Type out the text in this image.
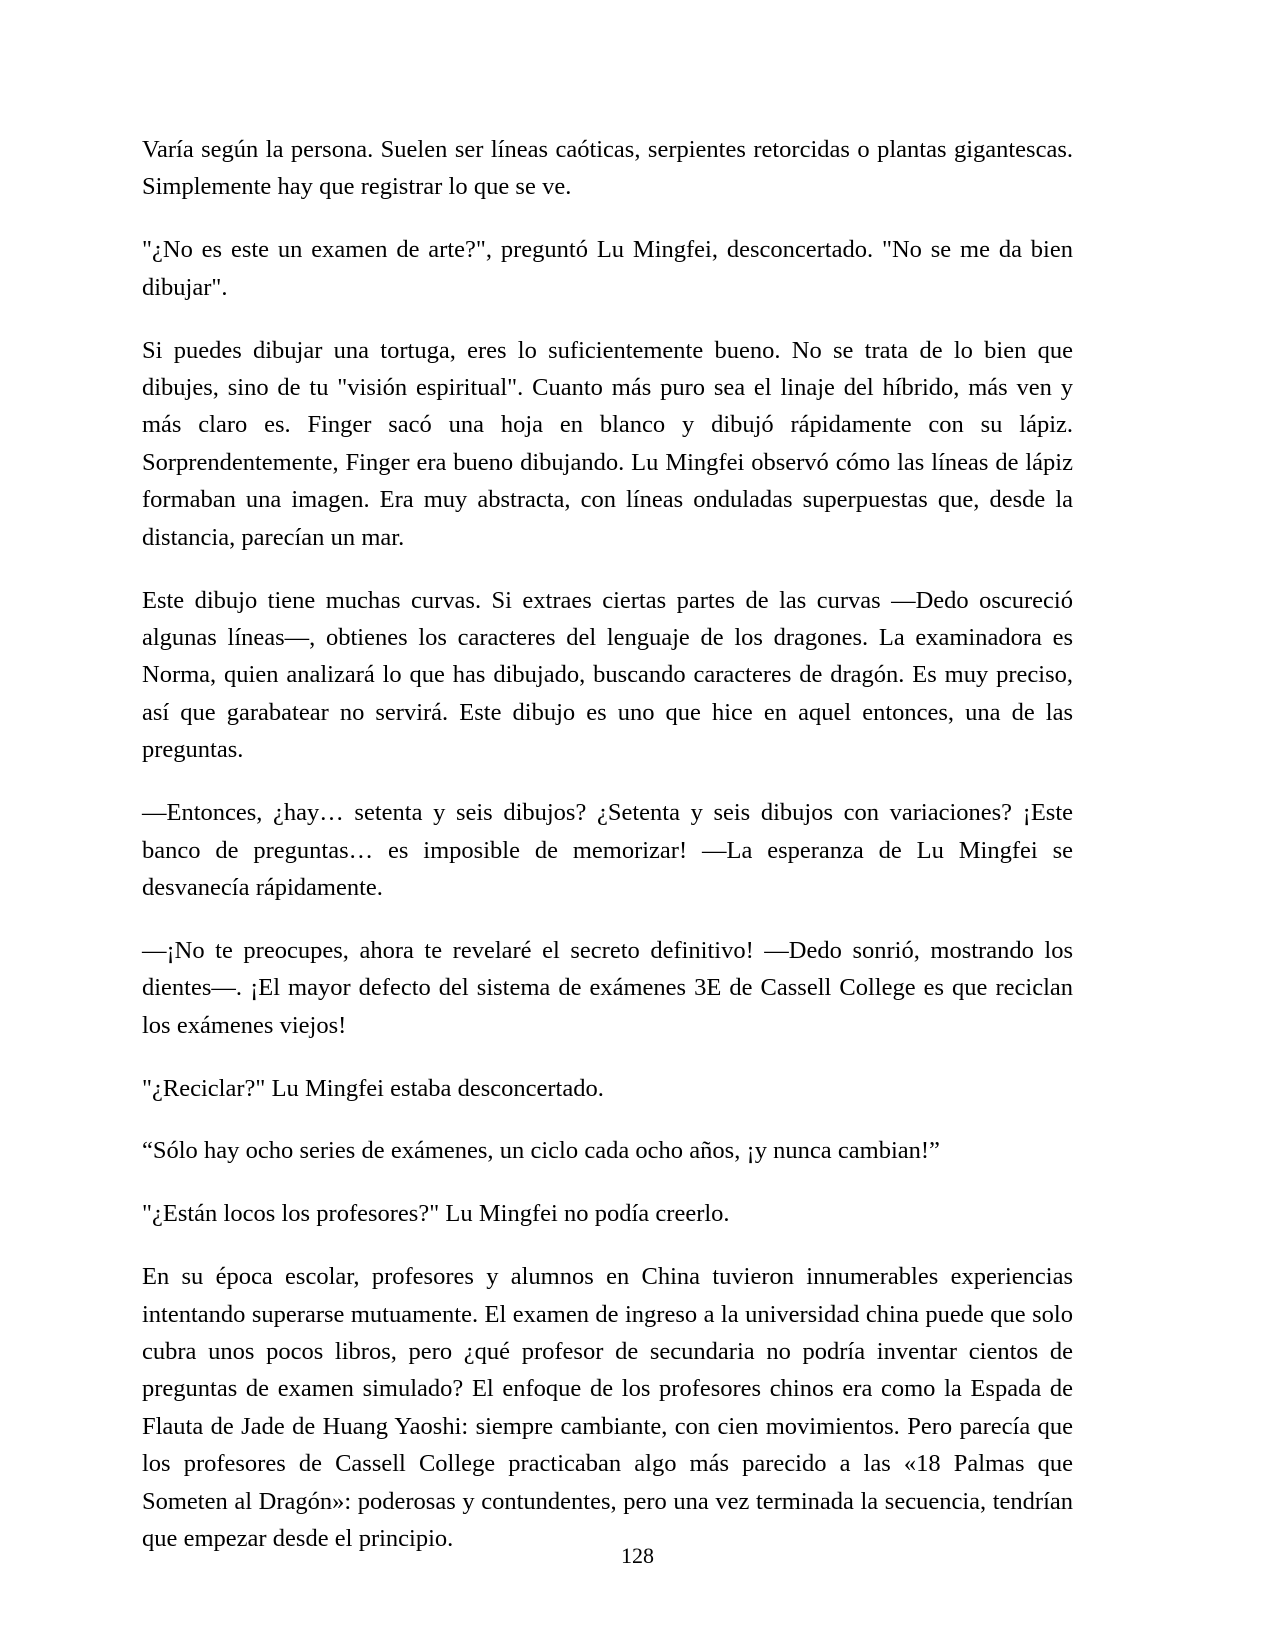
Varía según la persona. Suelen ser líneas caóticas, serpientes retorcidas o plantas gigantescas. Simplemente hay que registrar lo que se ve.

"¿No es este un examen de arte?", preguntó Lu Mingfei, desconcertado. "No se me da bien dibujar".

Si puedes dibujar una tortuga, eres lo suficientemente bueno. No se trata de lo bien que dibujes, sino de tu "visión espiritual". Cuanto más puro sea el linaje del híbrido, más ven y más claro es. Finger sacó una hoja en blanco y dibujó rápidamente con su lápiz. Sorprendentemente, Finger era bueno dibujando. Lu Mingfei observó cómo las líneas de lápiz formaban una imagen. Era muy abstracta, con líneas onduladas superpuestas que, desde la distancia, parecían un mar.

Este dibujo tiene muchas curvas. Si extraes ciertas partes de las curvas —Dedo oscureció algunas líneas—, obtienes los caracteres del lenguaje de los dragones. La examinadora es Norma, quien analizará lo que has dibujado, buscando caracteres de dragón. Es muy preciso, así que garabatear no servirá. Este dibujo es uno que hice en aquel entonces, una de las preguntas.

—Entonces, ¿hay… setenta y seis dibujos? ¿Setenta y seis dibujos con variaciones? ¡Este banco de preguntas… es imposible de memorizar! —La esperanza de Lu Mingfei se desvanecía rápidamente.

—¡No te preocupes, ahora te revelaré el secreto definitivo! —Dedo sonrió, mostrando los dientes—. ¡El mayor defecto del sistema de exámenes 3E de Cassell College es que reciclan los exámenes viejos!

"¿Reciclar?" Lu Mingfei estaba desconcertado.

“Sólo hay ocho series de exámenes, un ciclo cada ocho años, ¡y nunca cambian!”

"¿Están locos los profesores?" Lu Mingfei no podía creerlo.

En su época escolar, profesores y alumnos en China tuvieron innumerables experiencias intentando superarse mutuamente. El examen de ingreso a la universidad china puede que solo cubra unos pocos libros, pero ¿qué profesor de secundaria no podría inventar cientos de preguntas de examen simulado? El enfoque de los profesores chinos era como la Espada de Flauta de Jade de Huang Yaoshi: siempre cambiante, con cien movimientos. Pero parecía que los profesores de Cassell College practicaban algo más parecido a las «18 Palmas que Someten al Dragón»: poderosas y contundentes, pero una vez terminada la secuencia, tendrían que empezar desde el principio.

128
